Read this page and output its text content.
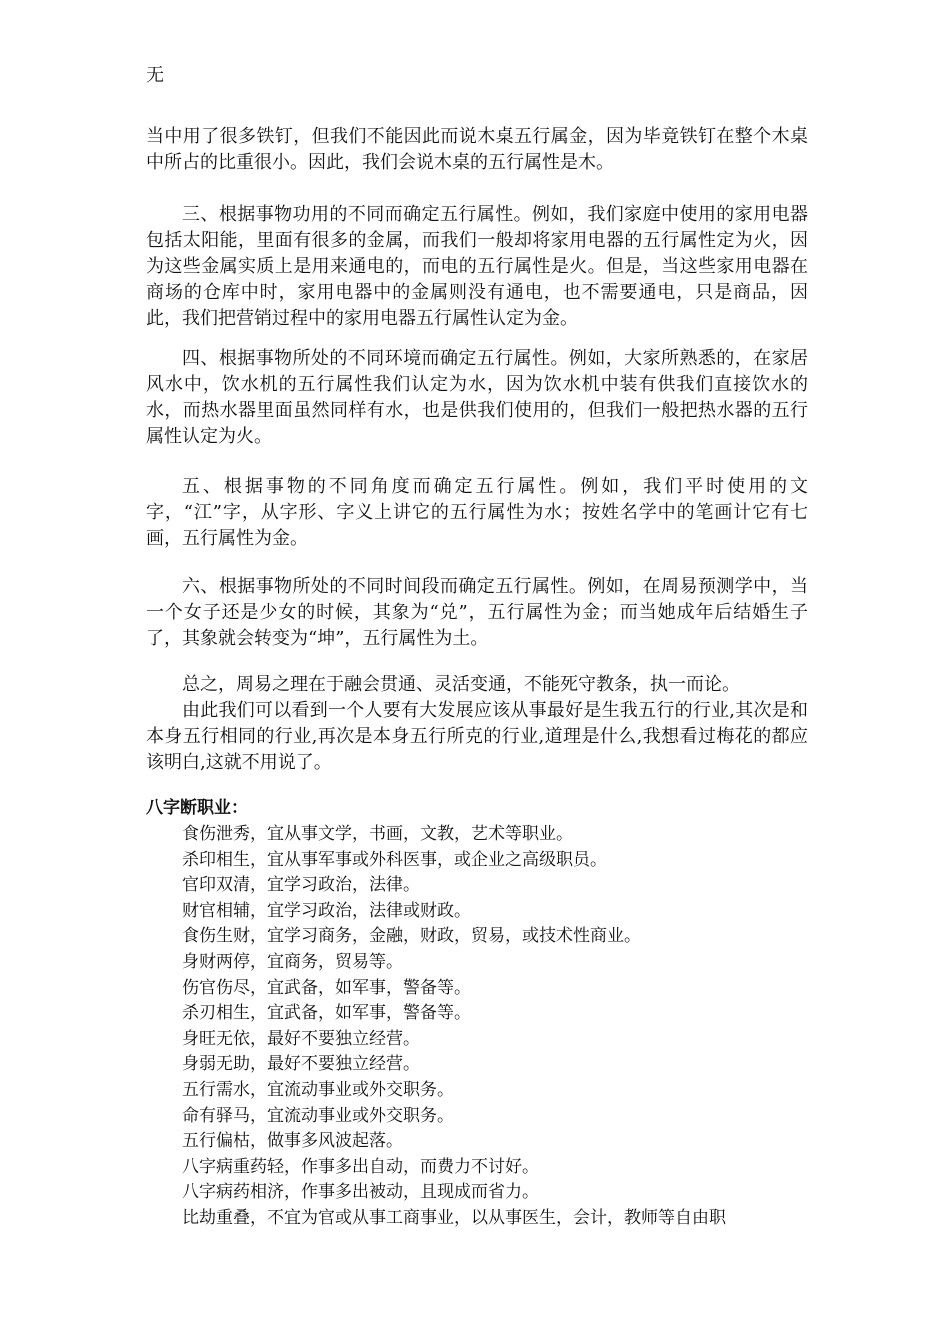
无

当中用了很多铁钉，但我们不能因此而说木桌五行属金，因为毕竟铁钉在整个木桌中所占的比重很小。因此，我们会说木桌的五行属性是木。

三、根据事物功用的不同而确定五行属性。例如，我们家庭中使用的家用电器包括太阳能，里面有很多的金属，而我们一般却将家用电器的五行属性定为火，因为这些金属实质上是用来通电的，而电的五行属性是火。但是，当这些家用电器在商场的仓库中时，家用电器中的金属则没有通电，也不需要通电，只是商品，因此，我们把营销过程中的家用电器五行属性认定为金。

四、根据事物所处的不同环境而确定五行属性。例如，大家所熟悉的，在家居风水中，饮水机的五行属性我们认定为水，因为饮水机中装有供我们直接饮水的水，而热水器里面虽然同样有水，也是供我们使用的，但我们一般把热水器的五行属性认定为火。

五、根据事物的不同角度而确定五行属性。例如，我们平时使用的文字，“江”字，从字形、字义上讲它的五行属性为水；按姓名学中的笔画计它有七画，五行属性为金。

六、根据事物所处的不同时间段而确定五行属性。例如，在周易预测学中，当一个女子还是少女的时候，其象为“兑”，五行属性为金；而当她成年后结婚生子了，其象就会转变为“坤”，五行属性为土。

总之，周易之理在于融会贯通、灵活变通，不能死守教条，执一而论。

由此我们可以看到一个人要有大发展应该从事最好是生我五行的行业,其次是和本身五行相同的行业,再次是本身五行所克的行业,道理是什么,我想看过梅花的都应该明白,这就不用说了。

八字断职业：
食伤泄秀，宜从事文学，书画，文教，艺术等职业。
杀印相生，宜从事军事或外科医事，或企业之高级职员。
官印双清，宜学习政治，法律。
财官相辅，宜学习政治，法律或财政。
食伤生财，宜学习商务，金融，财政，贸易，或技术性商业。
身财两停，宜商务，贸易等。
伤官伤尽，宜武备，如军事，警备等。
杀刃相生，宜武备，如军事，警备等。
身旺无依，最好不要独立经营。
身弱无助，最好不要独立经营。
五行需水，宜流动事业或外交职务。
命有驿马，宜流动事业或外交职务。
五行偏枯，做事多风波起落。
八字病重药轻，作事多出自动，而费力不讨好。
八字病药相济，作事多出被动，且现成而省力。
比劫重叠，不宜为官或从事工商事业，以从事医生，会计，教师等自由职
